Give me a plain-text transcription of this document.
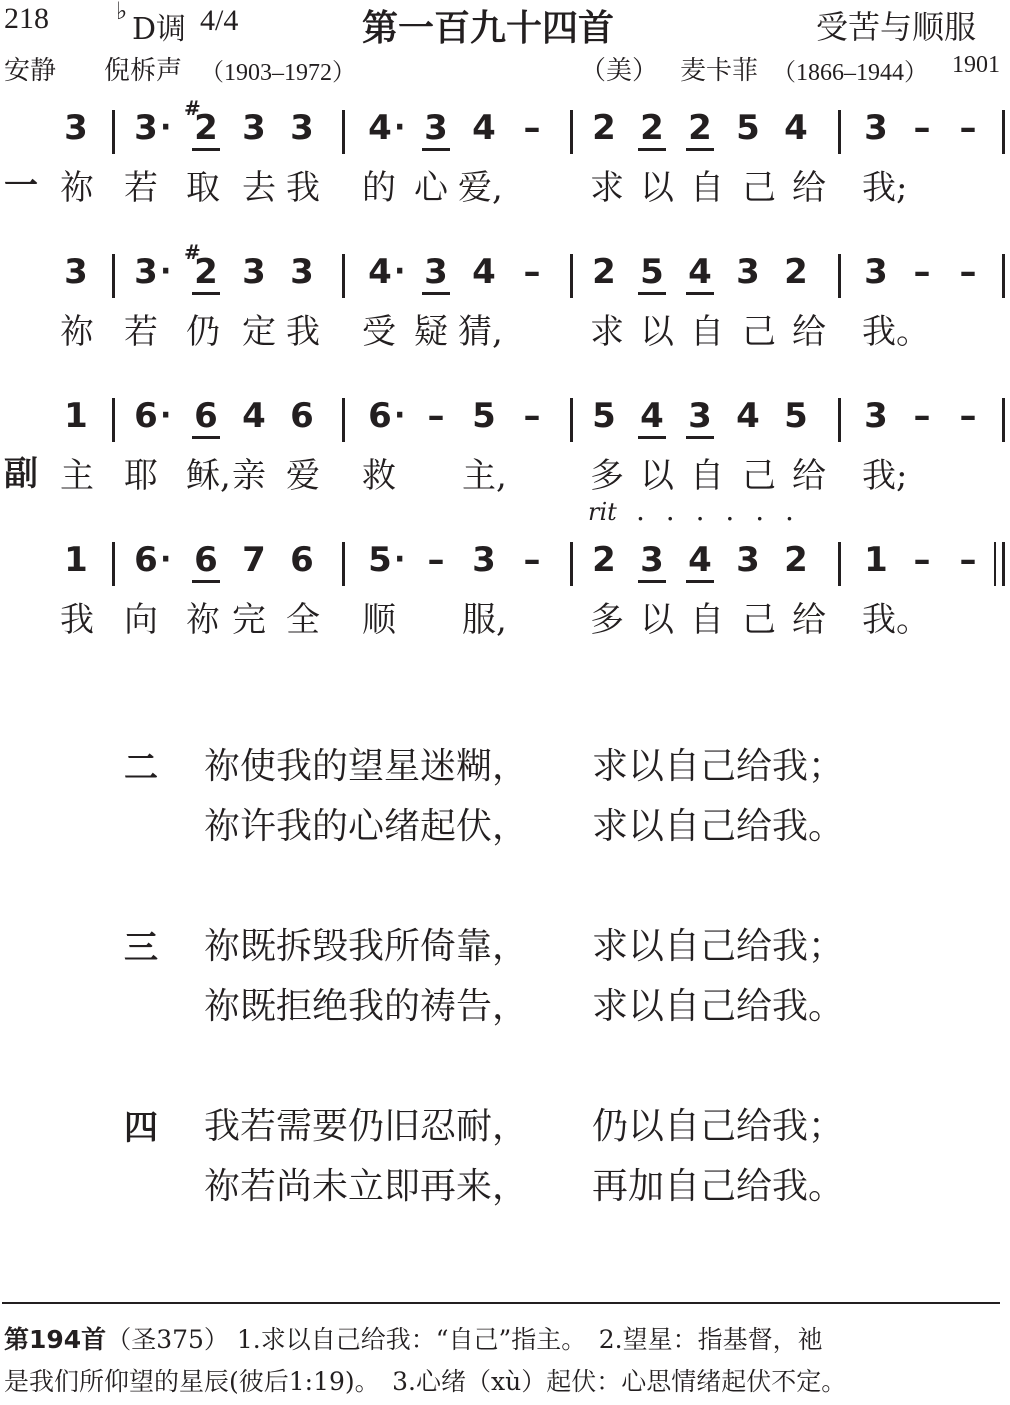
218	♭
D调 4/4	第一百九十四首	受苦与顺服
安静 倪柝声 （1903–1972）	（美） 麦卡菲 （1866–1944） 1901
3 3 2 3 3 4 3 4 – 2 2 2 5 4 3 – –
·	·
#
祢 若 取 去 我 的 心 爱,	求 以 自 己 给 我;
3 3 2 3 3 4 3 4 – 2 5 4 3 2 3 – –
·	·
#
祢 若 仍 定 我 受 疑 猜,	求 以 自 己 给 我。
1 6 6 4 6 6 – 5 – 5 4 3 4 5 3 – –
·	·
主 耶 稣, 亲 爱 救 主, 多 以 自 己 给 我;
1 6 6 7 6 5 – 3 – 2 3 4 3 2 1 – –
·	·
我 向 祢 完 全 顺 服, 多 以 自 己 给 我。
一
副
rit . . . . . .
二 祢使我的望星迷糊， 求以自己给我；
祢许我的心绪起伏， 求以自己给我。
三 祢既拆毁我所倚靠， 求以自己给我；
祢既拒绝我的祷告， 求以自己给我。
四 我若需要仍旧忍耐， 仍以自己给我；
祢若尚未立即再来， 再加自己给我。
第194首（圣375） 1.求以自己给我：“自己”指主。　2.望星：指基督，祂
是我们所仰望的星辰(彼后1:19)。　3.心绪（xù）起伏：心思情绪起伏不定。
